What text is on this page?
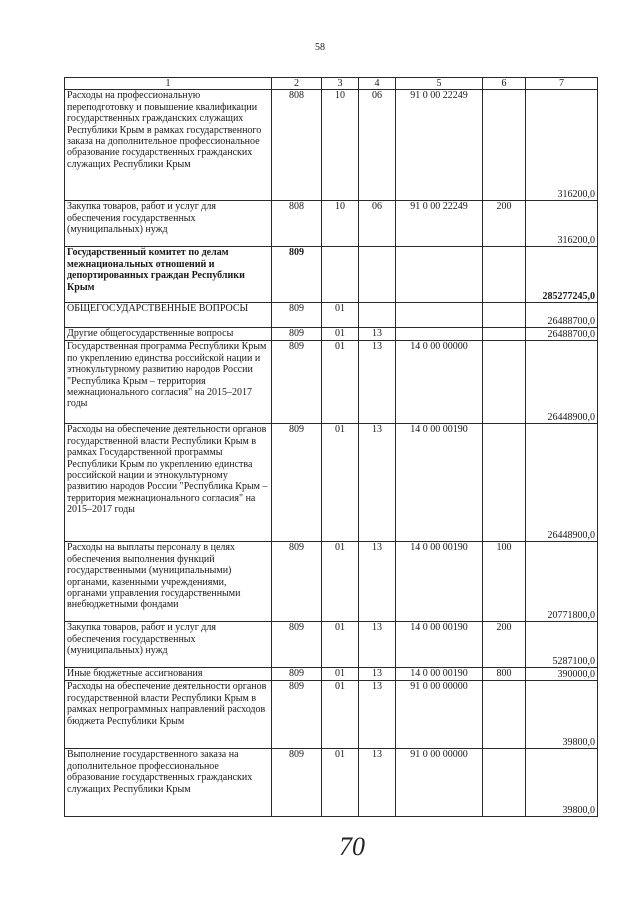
58
1	2	3	4	5	6	7
Расходы на профессиональную переподготовку и повышение квалификации государственных гражданских служащих Республики Крым в рамках государственного заказа на дополнительное профессиональное образование государственных гражданских служащих Республики Крым	808	10	06	91 0 00 22249		316200,0
Закупка товаров, работ и услуг для обеспечения государственных (муниципальных) нужд	808	10	06	91 0 00 22249	200	316200,0
Государственный комитет по делам межнациональных отношений и депортированных граждан Республики Крым	809					285277245,0
ОБЩЕГОСУДАРСТВЕННЫЕ ВОПРОСЫ	809	01				26488700,0
Другие общегосударственные вопросы	809	01	13			26488700,0
Государственная программа Республики Крым по укреплению единства российской нации и этнокультурному развитию народов России "Республика Крым – территория межнационального согласия" на 2015–2017 годы	809	01	13	14 0 00 00000		26448900,0
Расходы на обеспечение деятельности органов государственной власти Республики Крым в рамках Государственной программы Республики Крым по укреплению единства российской нации и этнокультурному развитию народов России "Республика Крым – территория межнационального согласия" на 2015–2017 годы	809	01	13	14 0 00 00190		26448900,0
Расходы на выплаты персоналу в целях обеспечения выполнения функций государственными (муниципальными) органами, казенными учреждениями, органами управления государственными внебюджетными фондами	809	01	13	14 0 00 00190	100	20771800,0
Закупка товаров, работ и услуг для обеспечения государственных (муниципальных) нужд	809	01	13	14 0 00 00190	200	5287100,0
Иные бюджетные ассигнования	809	01	13	14 0 00 00190	800	390000,0
Расходы на обеспечение деятельности органов государственной власти Республики Крым в рамках непрограммных направлений расходов бюджета Республики Крым	809	01	13	91 0 00 00000		39800,0
Выполнение государственного заказа на дополнительное профессиональное образование государственных гражданских служащих Республики Крым	809	01	13	91 0 00 00000		39800,0
70
